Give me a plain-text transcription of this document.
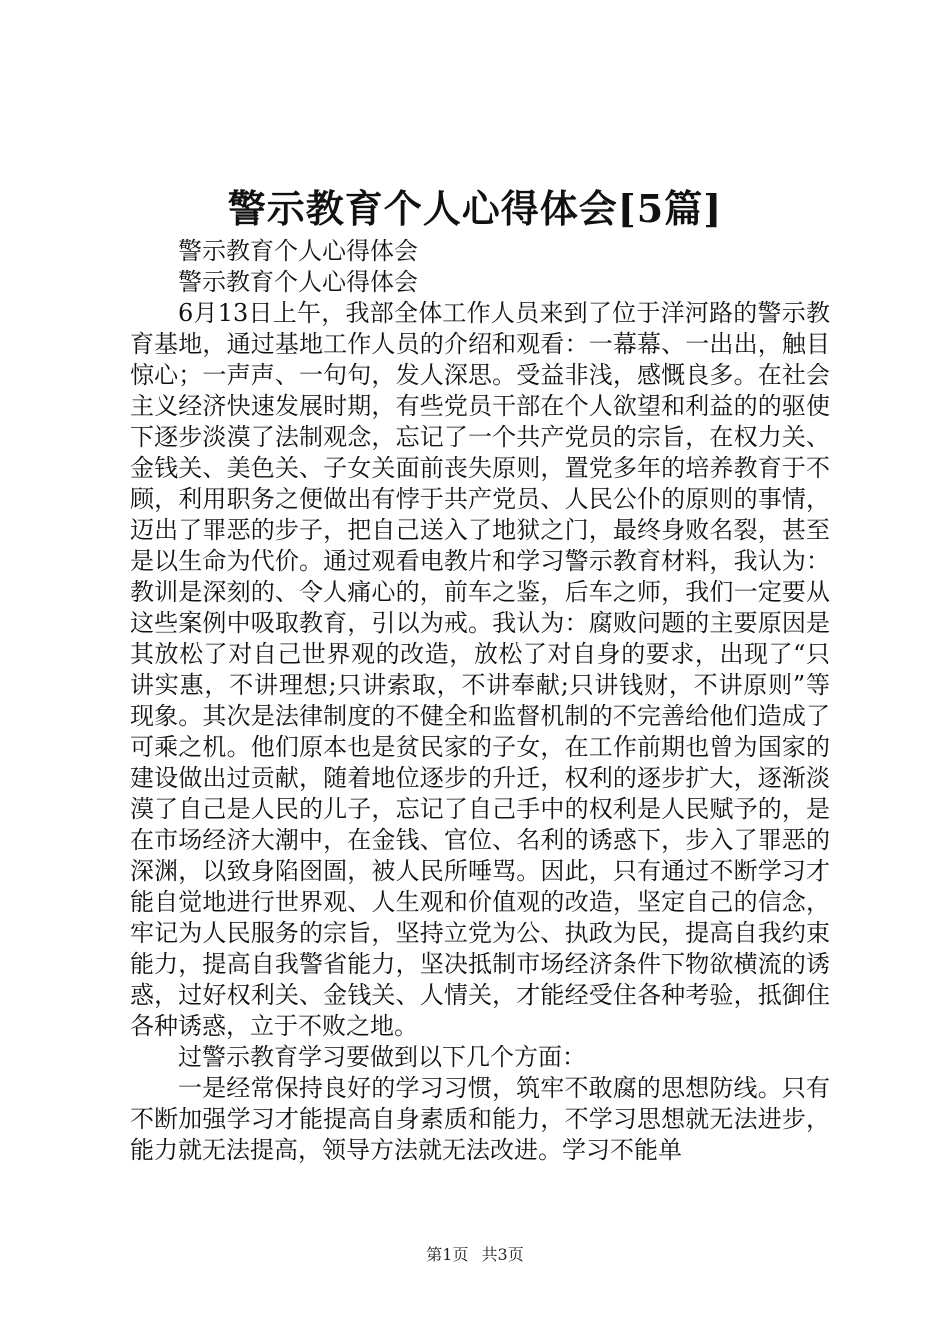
警示教育个人心得体会[5篇]

警示教育个人心得体会

警示教育个人心得体会

6月13日上午，我部全体工作人员来到了位于洋河路的警示教育基地，通过基地工作人员的介绍和观看：一幕幕、一出出，触目惊心；一声声、一句句，发人深思。受益非浅，感慨良多。在社会主义经济快速发展时期，有些党员干部在个人欲望和利益的的驱使下逐步淡漠了法制观念，忘记了一个共产党员的宗旨，在权力关、金钱关、美色关、子女关面前丧失原则，置党多年的培养教育于不顾，利用职务之便做出有悖于共产党员、人民公仆的原则的事情，迈出了罪恶的步子，把自己送入了地狱之门，最终身败名裂，甚至是以生命为代价。通过观看电教片和学习警示教育材料，我认为：教训是深刻的、令人痛心的，前车之鉴，后车之师，我们一定要从这些案例中吸取教育，引以为戒。我认为：腐败问题的主要原因是其放松了对自己世界观的改造，放松了对自身的要求，出现了“只讲实惠，不讲理想;只讲索取，不讲奉献;只讲钱财，不讲原则”等现象。其次是法律制度的不健全和监督机制的不完善给他们造成了可乘之机。他们原本也是贫民家的子女，在工作前期也曾为国家的建设做出过贡献，随着地位逐步的升迁，权利的逐步扩大，逐渐淡漠了自己是人民的儿子，忘记了自己手中的权利是人民赋予的，是在市场经济大潮中，在金钱、官位、名利的诱惑下，步入了罪恶的深渊，以致身陷囹圄，被人民所唾骂。因此，只有通过不断学习才能自觉地进行世界观、人生观和价值观的改造，坚定自己的信念，牢记为人民服务的宗旨，坚持立党为公、执政为民，提高自我约束能力，提高自我警省能力，坚决抵制市场经济条件下物欲横流的诱惑，过好权利关、金钱关、人情关，才能经受住各种考验，抵御住各种诱惑，立于不败之地。

过警示教育学习要做到以下几个方面：

一是经常保持良好的学习习惯，筑牢不敢腐的思想防线。只有不断加强学习才能提高自身素质和能力，不学习思想就无法进步，能力就无法提高，领导方法就无法改进。学习不能单

第1页 共3页
